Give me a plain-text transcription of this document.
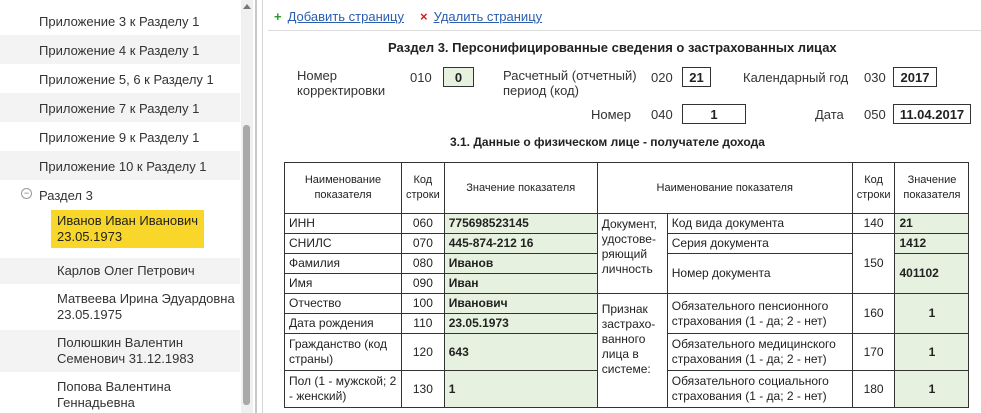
Приложение 3 к Разделу 1
Приложение 4 к Разделу 1
Приложение 5, 6 к Разделу 1
Приложение 7 к Разделу 1
Приложение 9 к Разделу 1
Приложение 10 к Разделу 1
− Раздел 3
Иванов Иван Иванович
23.05.1973
Карлов Олег Петрович
Матвеева Ирина Эдуардовна
23.05.1975
Полюшкин Валентин
Семенович 31.12.1983
Попова Валентина
Геннадьевна
+ Добавить страницу × Удалить страницу
Раздел 3. Персонифицированные сведения о застрахованных лицах
Номер
корректировки
010	0	Расчетный (отчетный)
период (код)
020	21	Календарный год 030	2017
Номер 040	1	Дата 050	11.04.2017
3.1. Данные о физическом лице - получателе дохода
Наименование показателя	Код строки	Значение показателя	Наименование показателя		Код строки	Значение показателя
ИНН	060	775698523145	Документ, удостове-ряющий личность	Код вида документа	140	21
СНИЛС	070	445-874-212 16		Серия документа	150	1412
Фамилия	080	Иванов		Номер документа		401102
Имя	090	Иван				
Отчество	100	Иванович	Признак застрахо-ванного лица в системе:	Обязательного пенсионного страхования (1 - да; 2 - нет)	160	1
Дата рождения	110	23.05.1973				
Гражданство (код страны)	120	643		Обязательного медицинского страхования (1 - да; 2 - нет)	170	1
Пол (1 - мужской; 2 - женский)	130	1		Обязательного социального страхования (1 - да; 2 - нет)	180	1
